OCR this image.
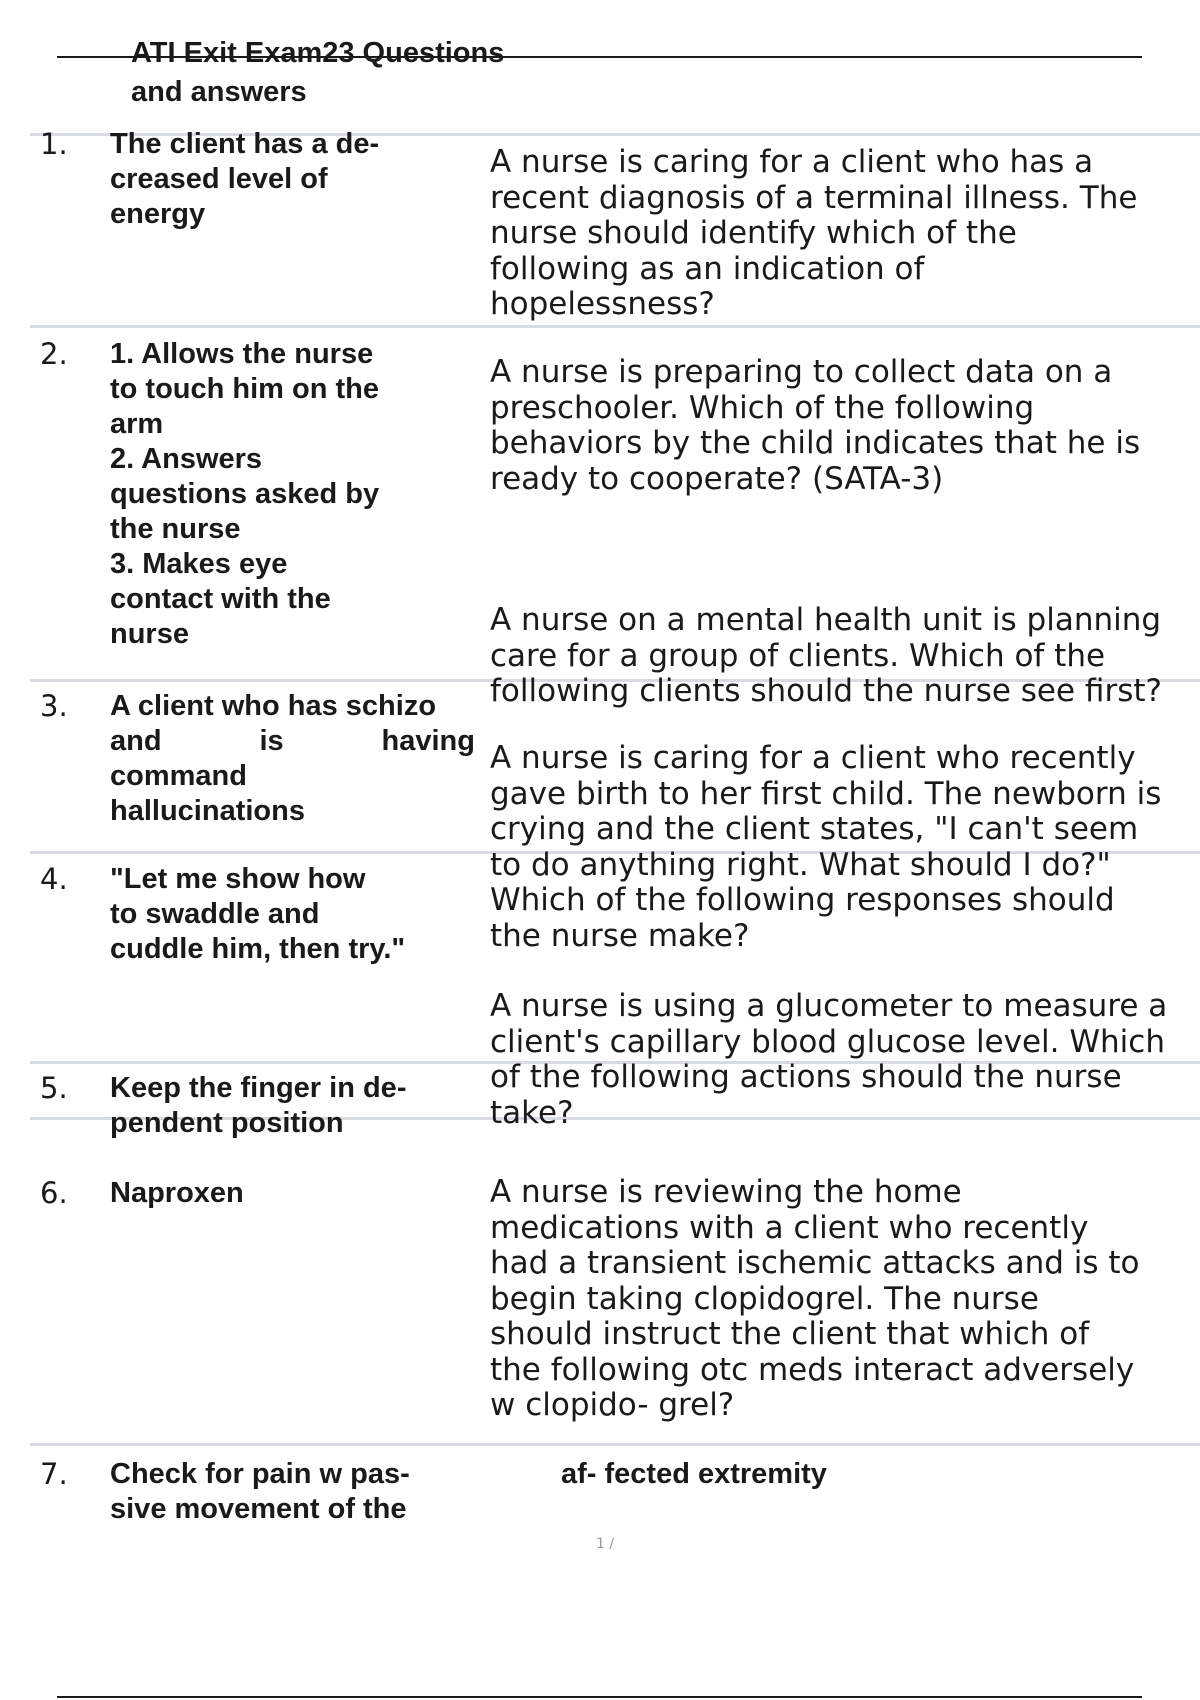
ATI Exit Exam23 Questions
and answers
1. The client has a de-
creased level of
energy
2. 1. Allows the nurse
to touch him on the
arm
2. Answers
questions asked by
the nurse
3. Makes eye
contact with the
nurse
3. A client who has schizo
and is having
command
hallucinations
4. "Let me show how
to swaddle and
cuddle him, then try."
5. Keep the finger in de-
pendent position
6. Naproxen
7. Check for pain w pas-
sive movement of the
A nurse is caring for a client who has a
recent diagnosis of a terminal illness. The
nurse should identify which of the
following as an indication of
hopelessness?
A nurse is preparing to collect data on a
preschooler. Which of the following
behaviors by the child indicates that he is
ready to cooperate? (SATA-3)
A nurse on a mental health unit is planning
care for a group of clients. Which of the
following clients should the nurse see first?
A nurse is caring for a client who recently
gave birth to her first child. The newborn is
crying and the client states, "I can't seem
to do anything right. What should I do?"
Which of the following responses should
the nurse make?
A nurse is using a glucometer to measure a
client's capillary blood glucose level. Which
of the following actions should the nurse
take?
A nurse is reviewing the home
medications with a client who recently
had a transient ischemic attacks and is to
begin taking clopidogrel. The nurse
should instruct the client that which of
the following otc meds interact adversely
w clopido- grel?
af- fected extremity
1 /
